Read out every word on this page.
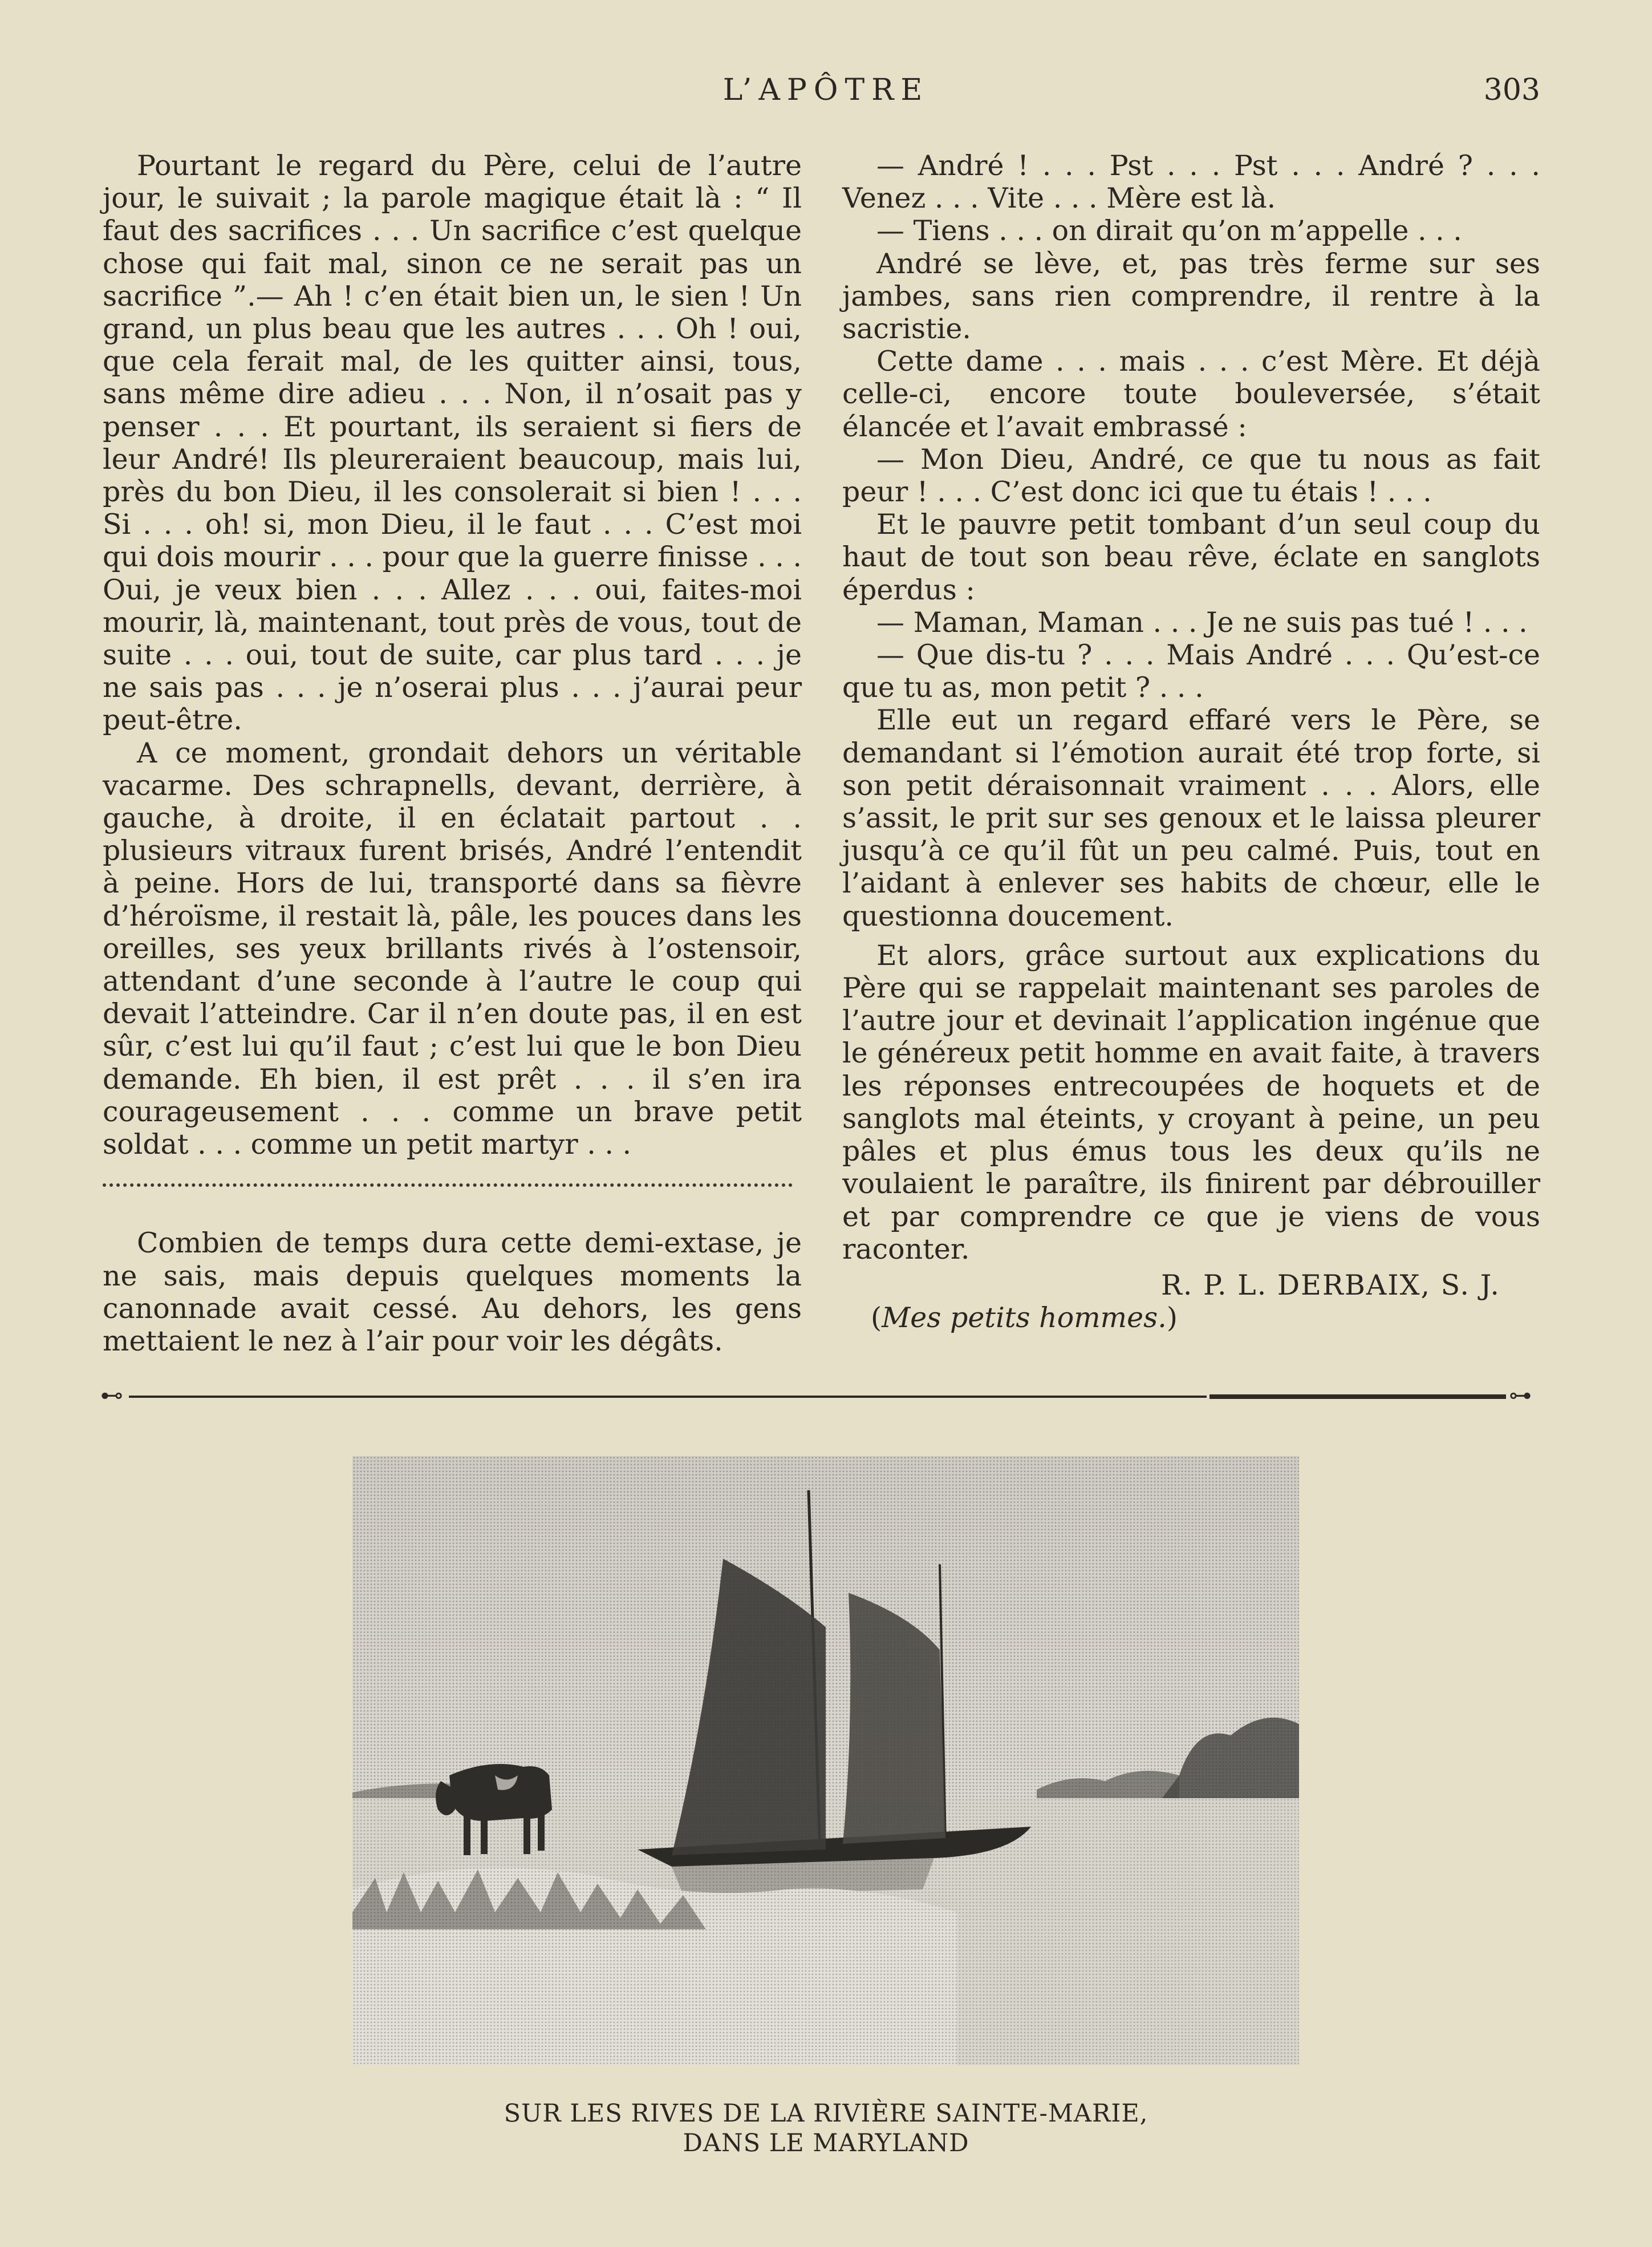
L’APÔTRE	303

Pourtant le regard du Père, celui de l’autre jour, le suivait ; la parole magique était là : “ Il faut des sacrifices . . . Un sacrifice c’est quelque chose qui fait mal, sinon ce ne serait pas un sacrifice ”.— Ah ! c’en était bien un, le sien ! Un grand, un plus beau que les autres . . . Oh ! oui, que cela ferait mal, de les quitter ainsi, tous, sans même dire adieu . . . Non, il n’osait pas y penser . . . Et pourtant, ils seraient si fiers de leur André! Ils pleureraient beaucoup, mais lui, près du bon Dieu, il les consolerait si bien ! . . . Si . . . oh! si, mon Dieu, il le faut . . . C’est moi qui dois mourir . . . pour que la guerre finisse . . . Oui, je veux bien . . . Allez . . . oui, faites-moi mourir, là, maintenant, tout près de vous, tout de suite . . . oui, tout de suite, car plus tard . . . je ne sais pas . . . je n’oserai plus . . . j’aurai peur peut-être.

A ce moment, grondait dehors un véritable vacarme. Des schrapnells, devant, derrière, à gauche, à droite, il en éclatait partout . . plusieurs vitraux furent brisés, André l’entendit à peine. Hors de lui, transporté dans sa fièvre d’héroïsme, il restait là, pâle, les pouces dans les oreilles, ses yeux brillants rivés à l’ostensoir, attendant d’une seconde à l’autre le coup qui devait l’atteindre. Car il n’en doute pas, il en est sûr, c’est lui qu’il faut ; c’est lui que le bon Dieu demande. Eh bien, il est prêt . . . il s’en ira courageusement . . . comme un brave petit soldat . . . comme un petit martyr . . .

Combien de temps dura cette demi-extase, je ne sais, mais depuis quelques moments la canonnade avait cessé. Au dehors, les gens mettaient le nez à l’air pour voir les dégâts.

— André ! . . . Pst . . . Pst . . . André ? . . . Venez . . . Vite . . . Mère est là.

— Tiens . . . on dirait qu’on m’appelle . . .

André se lève, et, pas très ferme sur ses jambes, sans rien comprendre, il rentre à la sacristie.

Cette dame . . . mais . . . c’est Mère. Et déjà celle-ci, encore toute bouleversée, s’était élancée et l’avait embrassé :

— Mon Dieu, André, ce que tu nous as fait peur ! . . . C’est donc ici que tu étais ! . . .

Et le pauvre petit tombant d’un seul coup du haut de tout son beau rêve, éclate en sanglots éperdus :

— Maman, Maman . . . Je ne suis pas tué ! . . .

— Que dis-tu ? . . . Mais André . . . Qu’est-ce que tu as, mon petit ? . . .

Elle eut un regard effaré vers le Père, se demandant si l’émotion aurait été trop forte, si son petit déraisonnait vraiment . . . Alors, elle s’assit, le prit sur ses genoux et le laissa pleurer jusqu’à ce qu’il fût un peu calmé. Puis, tout en l’aidant à enlever ses habits de chœur, elle le questionna doucement.

Et alors, grâce surtout aux explications du Père qui se rappelait maintenant ses paroles de l’autre jour et devinait l’application ingénue que le généreux petit homme en avait faite, à travers les réponses entrecoupées de hoquets et de sanglots mal éteints, y croyant à peine, un peu pâles et plus émus tous les deux qu’ils ne voulaient le paraître, ils finirent par débrouiller et par comprendre ce que je viens de vous raconter.

R. P. L. DERBAIX, S. J.
(Mes petits hommes.)
⊷	⊶
SUR LES RIVES DE LA RIVIÈRE SAINTE-MARIE,
DANS LE MARYLAND
